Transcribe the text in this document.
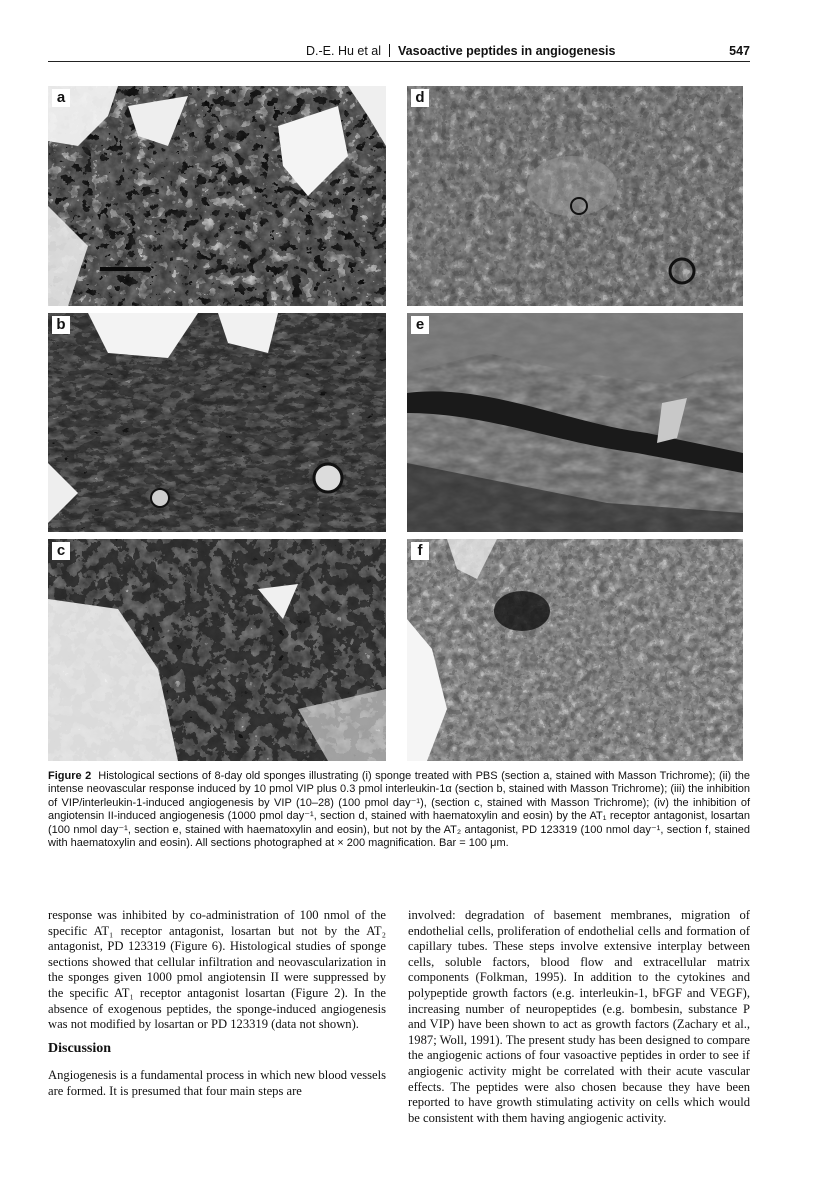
D.-E. Hu et al Vasoactive peptides in angiogenesis	547
a
b
c
d
e
f
Figure 2 Histological sections of 8-day old sponges illustrating (i) sponge treated with PBS (section a, stained with Masson Trichrome); (ii) the intense neovascular response induced by 10 pmol VIP plus 0.3 pmol interleukin-1α (section b, stained with Masson Trichrome); (iii) the inhibition of VIP/interleukin-1-induced angiogenesis by VIP (10–28) (100 pmol day⁻¹), (section c, stained with Masson Trichrome); (iv) the inhibition of angiotensin II-induced angiogenesis (1000 pmol day⁻¹, section d, stained with haematoxylin and eosin) by the AT₁ receptor antagonist, losartan (100 nmol day⁻¹, section e, stained with haematoxylin and eosin), but not by the AT₂ antagonist, PD 123319 (100 nmol day⁻¹, section f, stained with haematoxylin and eosin). All sections photographed at × 200 magnification. Bar = 100 μm.

response was inhibited by co-administration of 100 nmol of the specific AT₁ receptor antagonist, losartan but not by the AT₂ antagonist, PD 123319 (Figure 6). Histological studies of sponge sections showed that cellular infiltration and neovascularization in the sponges given 1000 pmol angiotensin II were suppressed by the specific AT₁ receptor antagonist losartan (Figure 2). In the absence of exogenous peptides, the sponge-induced angiogenesis was not modified by losartan or PD 123319 (data not shown).

Discussion

Angiogenesis is a fundamental process in which new blood vessels are formed. It is presumed that four main steps are

involved: degradation of basement membranes, migration of endothelial cells, proliferation of endothelial cells and formation of capillary tubes. These steps involve extensive interplay between cells, soluble factors, blood flow and extracellular matrix components (Folkman, 1995). In addition to the cytokines and polypeptide growth factors (e.g. interleukin-1, bFGF and VEGF), increasing number of neuropeptides (e.g. bombesin, substance P and VIP) have been shown to act as growth factors (Zachary et al., 1987; Woll, 1991). The present study has been designed to compare the angiogenic actions of four vasoactive peptides in order to see if angiogenic activity might be correlated with their acute vascular effects. The peptides were also chosen because they have been reported to have growth stimulating activity on cells which would be consistent with them having angiogenic activity.
